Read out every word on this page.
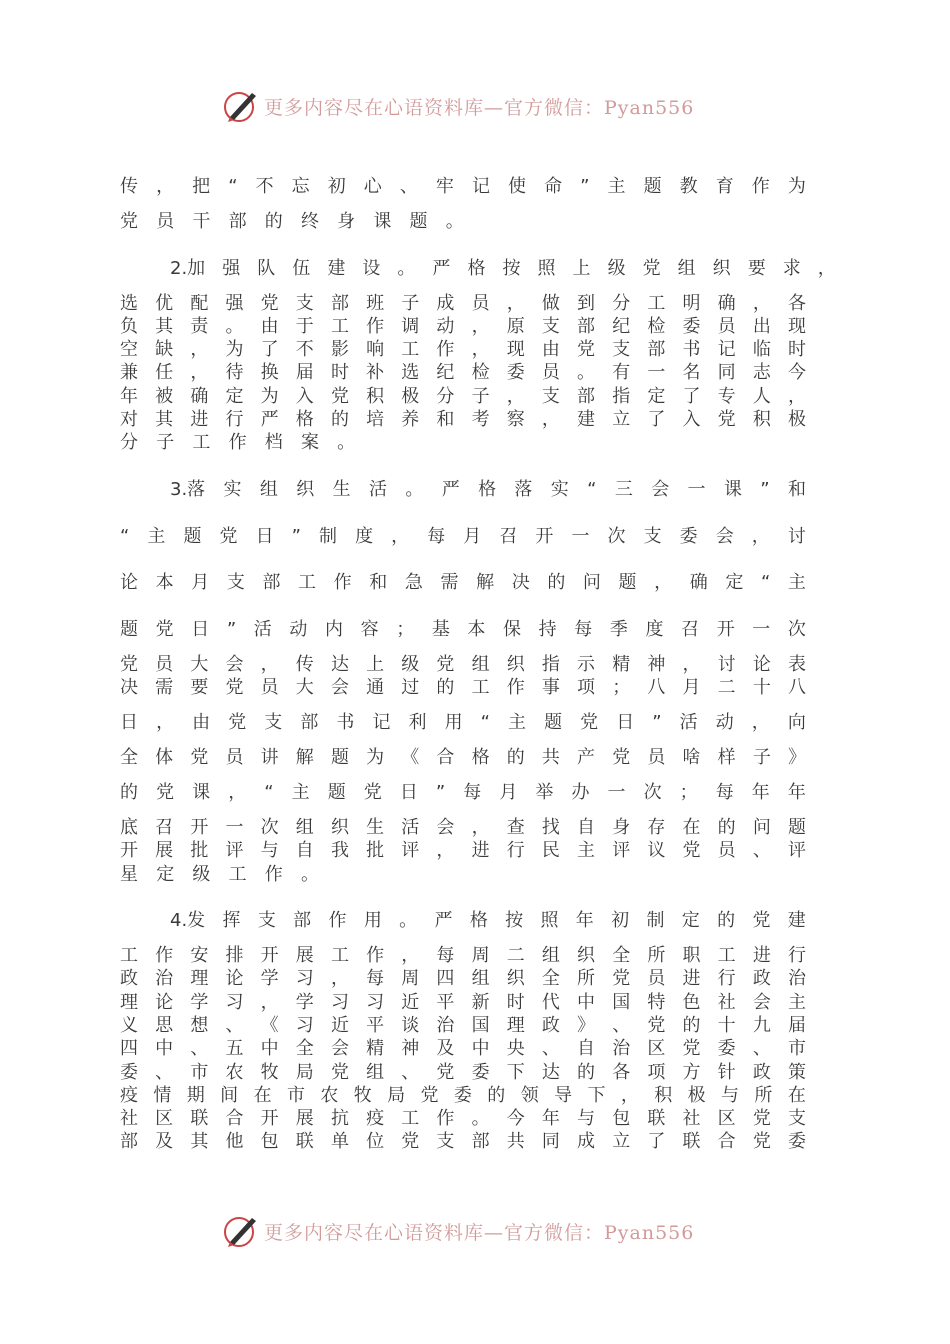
更多内容尽在心语资料库—官方微信：Pyan556
传 ， 把 “ 不 忘 初 心 、 牢 记 使 命 ” 主 题 教 育 作 为
党 员 干 部 的 终 身 课 题 。
2.加 强 队 伍 建 设 。 严 格 按 照 上 级 党 组 织 要 求 ，
选 优 配 强 党 支 部 班 子 成 员 ， 做 到 分 工 明 确 ， 各
负 其 责 。 由 于 工 作 调 动 ， 原 支 部 纪 检 委 员 出 现
空 缺 ， 为 了 不 影 响 工 作 ， 现 由 党 支 部 书 记 临 时
兼 任 ， 待 换 届 时 补 选 纪 检 委 员 。 有 一 名 同 志 今
年 被 确 定 为 入 党 积 极 分 子 ， 支 部 指 定 了 专 人 ，
对 其 进 行 严 格 的 培 养 和 考 察 ， 建 立 了 入 党 积 极
分 子 工 作 档 案 。
3.落 实 组 织 生 活 。 严 格 落 实 “ 三 会 一 课 ” 和
“ 主 题 党 日 ” 制 度 ， 每 月 召 开 一 次 支 委 会 ， 讨
论 本 月 支 部 工 作 和 急 需 解 决 的 问 题 ， 确 定 “ 主
题 党 日 ” 活 动 内 容 ； 基 本 保 持 每 季 度 召 开 一 次
党 员 大 会 ， 传 达 上 级 党 组 织 指 示 精 神 ， 讨 论 表
决 需 要 党 员 大 会 通 过 的 工 作 事 项 ； 八 月 二 十 八
日 ， 由 党 支 部 书 记 利 用 “ 主 题 党 日 ” 活 动 ， 向
全 体 党 员 讲 解 题 为 《 合 格 的 共 产 党 员 啥 样 子 》
的 党 课 ， “ 主 题 党 日 ” 每 月 举 办 一 次 ； 每 年 年
底 召 开 一 次 组 织 生 活 会 ， 查 找 自 身 存 在 的 问 题
开 展 批 评 与 自 我 批 评 ， 进 行 民 主 评 议 党 员 、 评
星 定 级 工 作 。
4.发 挥 支 部 作 用 。 严 格 按 照 年 初 制 定 的 党 建
工 作 安 排 开 展 工 作 ， 每 周 二 组 织 全 所 职 工 进 行
政 治 理 论 学 习 ， 每 周 四 组 织 全 所 党 员 进 行 政 治
理 论 学 习 ， 学 习 习 近 平 新 时 代 中 国 特 色 社 会 主
义 思 想 、 《 习 近 平 谈 治 国 理 政 》 、 党 的 十 九 届
四 中 、 五 中 全 会 精 神 及 中 央 、 自 治 区 党 委 、 市
委 、 市 农 牧 局 党 组 、 党 委 下 达 的 各 项 方 针 政 策
疫 情 期 间 在 市 农 牧 局 党 委 的 领 导 下 ， 积 极 与 所 在
社 区 联 合 开 展 抗 疫 工 作 。 今 年 与 包 联 社 区 党 支
部 及 其 他 包 联 单 位 党 支 部 共 同 成 立 了 联 合 党 委
更多内容尽在心语资料库—官方微信：Pyan556
